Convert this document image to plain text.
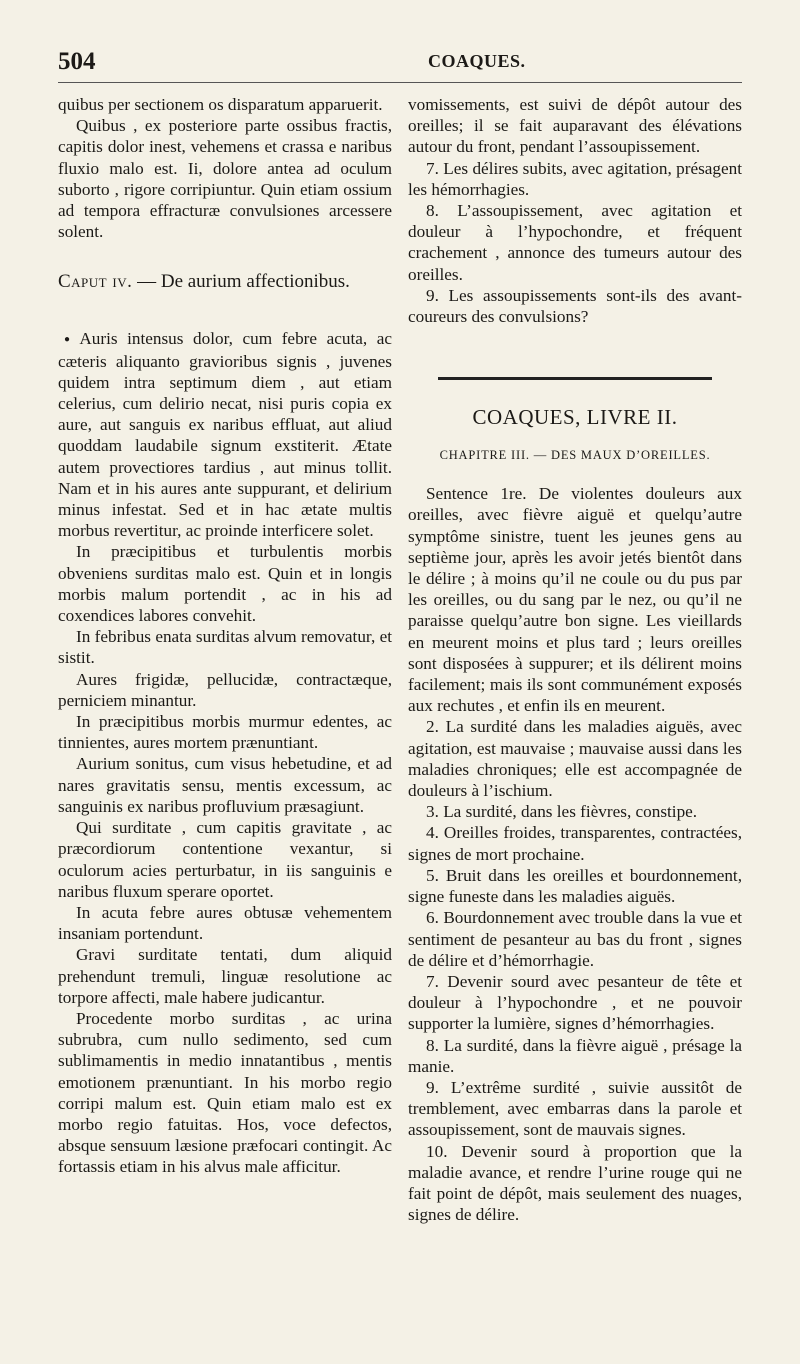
504	COAQUES.

quibus per sectionem os disparatum apparuerit.

Quibus , ex posteriore parte ossibus fractis, capitis dolor inest, vehemens et crassa e naribus fluxio malo est. Ii, dolore antea ad oculum suborto , rigore corripiuntur. Quin etiam ossium ad tempora effracturæ convulsiones arcessere solent.

Caput iv. — De aurium affectionibus.

● Auris intensus dolor, cum febre acuta, ac cæteris aliquanto gravioribus signis , juvenes quidem intra septimum diem , aut etiam celerius, cum delirio necat, nisi puris copia ex aure, aut sanguis ex naribus effluat, aut aliud quoddam laudabile signum exstiterit. Ætate autem provectiores tardius , aut minus tollit. Nam et in his aures ante suppurant, et delirium minus infestat. Sed et in hac ætate multis morbus revertitur, ac proinde interficere solet.

In præcipitibus et turbulentis morbis obveniens surditas malo est. Quin et in longis morbis malum portendit , ac in his ad coxendices labores convehit.

In febribus enata surditas alvum removatur, et sistit.

Aures frigidæ, pellucidæ, contractæque, perniciem minantur.

In præcipitibus morbis murmur edentes, ac tinnientes, aures mortem prænuntiant.

Aurium sonitus, cum visus hebetudine, et ad nares gravitatis sensu, mentis excessum, ac sanguinis ex naribus profluvium præsagiunt.

Qui surditate , cum capitis gravitate , ac præcordiorum contentione vexantur, si oculorum acies perturbatur, in iis sanguinis e naribus fluxum sperare oportet.

In acuta febre aures obtusæ vehementem insaniam portendunt.

Gravi surditate tentati, dum aliquid prehendunt tremuli, linguæ resolutione ac torpore affecti, male habere judicantur.

Procedente morbo surditas , ac urina subrubra, cum nullo sedimento, sed cum sublimamentis in medio innatantibus , mentis emotionem prænuntiant. In his morbo regio corripi malum est. Quin etiam malo est ex morbo regio fatuitas. Hos, voce defectos, absque sensuum læsione præfocari contingit. Ac fortassis etiam in his alvus male afficitur.

vomissements, est suivi de dépôt autour des oreilles; il se fait auparavant des élévations autour du front, pendant l’assoupissement.

7. Les délires subits, avec agitation, présagent les hémorrhagies.

8. L’assoupissement, avec agitation et douleur à l’hypochondre, et fréquent crachement , annonce des tumeurs autour des oreilles.

9. Les assoupissements sont-ils des avant-coureurs des convulsions?

COAQUES, LIVRE II.
CHAPITRE III. — DES MAUX D’OREILLES.

Sentence 1re. De violentes douleurs aux oreilles, avec fièvre aiguë et quelqu’autre symptôme sinistre, tuent les jeunes gens au septième jour, après les avoir jetés bientôt dans le délire ; à moins qu’il ne coule ou du pus par les oreilles, ou du sang par le nez, ou qu’il ne paraisse quelqu’autre bon signe. Les vieillards en meurent moins et plus tard ; leurs oreilles sont disposées à suppurer; et ils délirent moins facilement; mais ils sont communément exposés aux rechutes , et enfin ils en meurent.

2. La surdité dans les maladies aiguës, avec agitation, est mauvaise ; mauvaise aussi dans les maladies chroniques; elle est accompagnée de douleurs à l’ischium.

3. La surdité, dans les fièvres, constipe.

4. Oreilles froides, transparentes, contractées, signes de mort prochaine.

5. Bruit dans les oreilles et bourdonnement, signe funeste dans les maladies aiguës.

6. Bourdonnement avec trouble dans la vue et sentiment de pesanteur au bas du front , signes de délire et d’hémorrhagie.

7. Devenir sourd avec pesanteur de tête et douleur à l’hypochondre , et ne pouvoir supporter la lumière, signes d’hémorrhagies.

8. La surdité, dans la fièvre aiguë , présage la manie.

9. L’extrême surdité , suivie aussitôt de tremblement, avec embarras dans la parole et assoupissement, sont de mauvais signes.

10. Devenir sourd à proportion que la maladie avance, et rendre l’urine rouge qui ne fait point de dépôt, mais seulement des nuages, signes de délire.
